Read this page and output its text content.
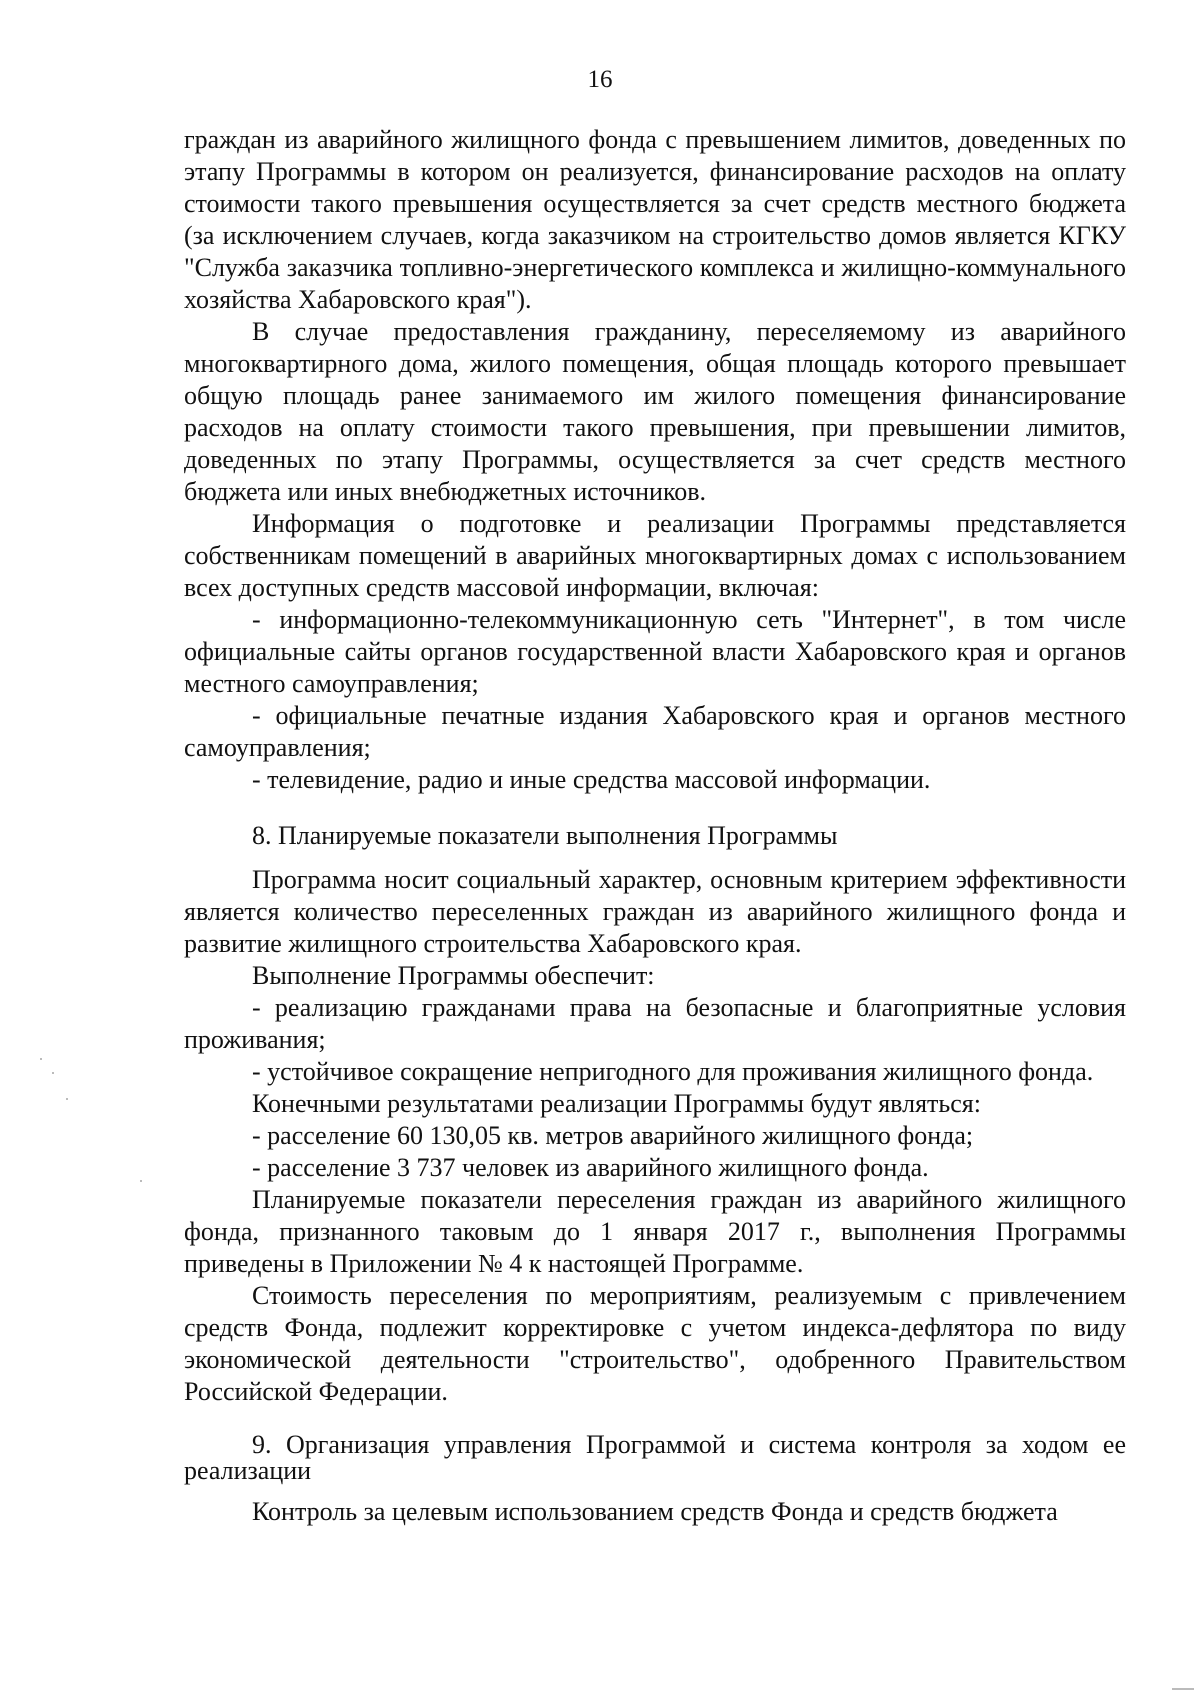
16

граждан из аварийного жилищного фонда с превышением лимитов, доведенных по этапу Программы в котором он реализуется, финансирование расходов на оплату стоимости такого превышения осуществляется за счет средств местного бюджета (за исключением случаев, когда заказчиком на строительство домов является КГКУ "Служба заказчика топливно-энергетического комплекса и жилищно-коммунального хозяйства Хабаровского края").

В случае предоставления гражданину, переселяемому из аварийного многоквартирного дома, жилого помещения, общая площадь которого превышает общую площадь ранее занимаемого им жилого помещения финансирование расходов на оплату стоимости такого превышения, при превышении лимитов, доведенных по этапу Программы, осуществляется за счет средств местного бюджета или иных внебюджетных источников.

Информация о подготовке и реализации Программы представляется собственникам помещений в аварийных многоквартирных домах с использованием всех доступных средств массовой информации, включая:

- информационно-телекоммуникационную сеть "Интернет", в том числе официальные сайты органов государственной власти Хабаровского края и органов местного самоуправления;

- официальные печатные издания Хабаровского края и органов местного самоуправления;

- телевидение, радио и иные средства массовой информации.

8. Планируемые показатели выполнения Программы

Программа носит социальный характер, основным критерием эффективности является количество переселенных граждан из аварийного жилищного фонда и развитие жилищного строительства Хабаровского края.

Выполнение Программы обеспечит:

- реализацию гражданами права на безопасные и благоприятные условия проживания;

- устойчивое сокращение непригодного для проживания жилищного фонда.

Конечными результатами реализации Программы будут являться:

- расселение 60 130,05 кв. метров аварийного жилищного фонда;

- расселение 3 737 человек из аварийного жилищного фонда.

Планируемые показатели переселения граждан из аварийного жилищного фонда, признанного таковым до 1 января 2017 г., выполнения Программы приведены в Приложении № 4 к настоящей Программе.

Стоимость переселения по мероприятиям, реализуемым с привлечением средств Фонда, подлежит корректировке с учетом индекса-дефлятора по виду экономической деятельности "строительство", одобренного Правительством Российской Федерации.

9. Организация управления Программой и система контроля за ходом ее реализации

Контроль за целевым использованием средств Фонда и средств бюджета
